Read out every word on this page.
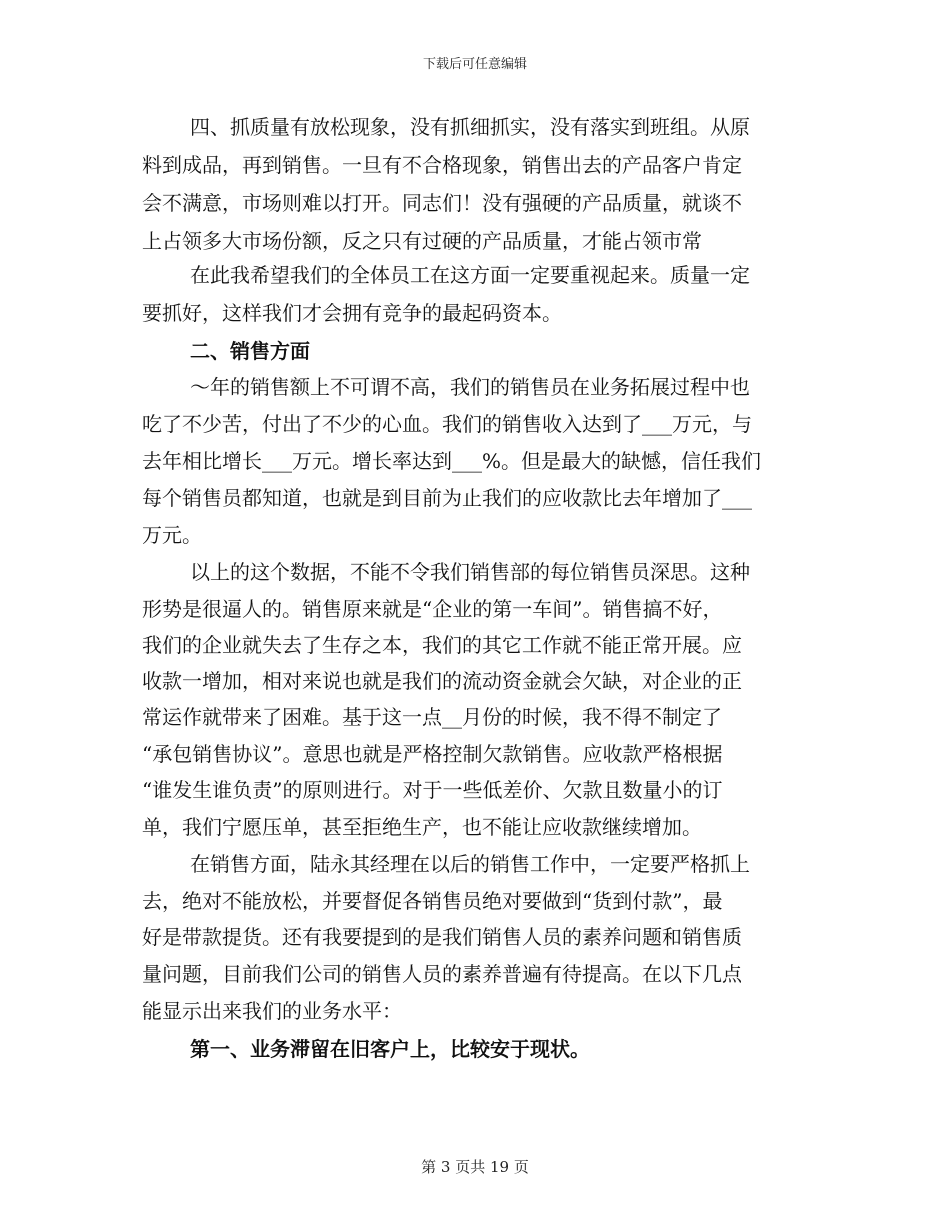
下载后可任意编辑
四、抓质量有放松现象，没有抓细抓实，没有落实到班组。从原
料到成品，再到销售。一旦有不合格现象，销售出去的产品客户肯定
会不满意，市场则难以打开。同志们！没有强硬的产品质量，就谈不
上占领多大市场份额，反之只有过硬的产品质量，才能占领市常
在此我希望我们的全体员工在这方面一定要重视起来。质量一定
要抓好，这样我们才会拥有竞争的最起码资本。
二、销售方面
～年的销售额上不可谓不高，我们的销售员在业务拓展过程中也
吃了不少苦，付出了不少的心血。我们的销售收入达到了___万元，与
去年相比增长___万元。增长率达到___%。但是最大的缺憾，信任我们
每个销售员都知道，也就是到目前为止我们的应收款比去年增加了___
万元。
以上的这个数据，不能不令我们销售部的每位销售员深思。这种
形势是很逼人的。销售原来就是“企业的第一车间”。销售搞不好，
我们的企业就失去了生存之本，我们的其它工作就不能正常开展。应
收款一增加，相对来说也就是我们的流动资金就会欠缺，对企业的正
常运作就带来了困难。基于这一点__月份的时候，我不得不制定了
“承包销售协议”。意思也就是严格控制欠款销售。应收款严格根据
“谁发生谁负责”的原则进行。对于一些低差价、欠款且数量小的订
单，我们宁愿压单，甚至拒绝生产，也不能让应收款继续增加。
在销售方面，陆永其经理在以后的销售工作中，一定要严格抓上
去，绝对不能放松，并要督促各销售员绝对要做到“货到付款”，最
好是带款提货。还有我要提到的是我们销售人员的素养问题和销售质
量问题，目前我们公司的销售人员的素养普遍有待提高。在以下几点
能显示出来我们的业务水平：
第一、业务滞留在旧客户上，比较安于现状。
第 3 页共 19 页
